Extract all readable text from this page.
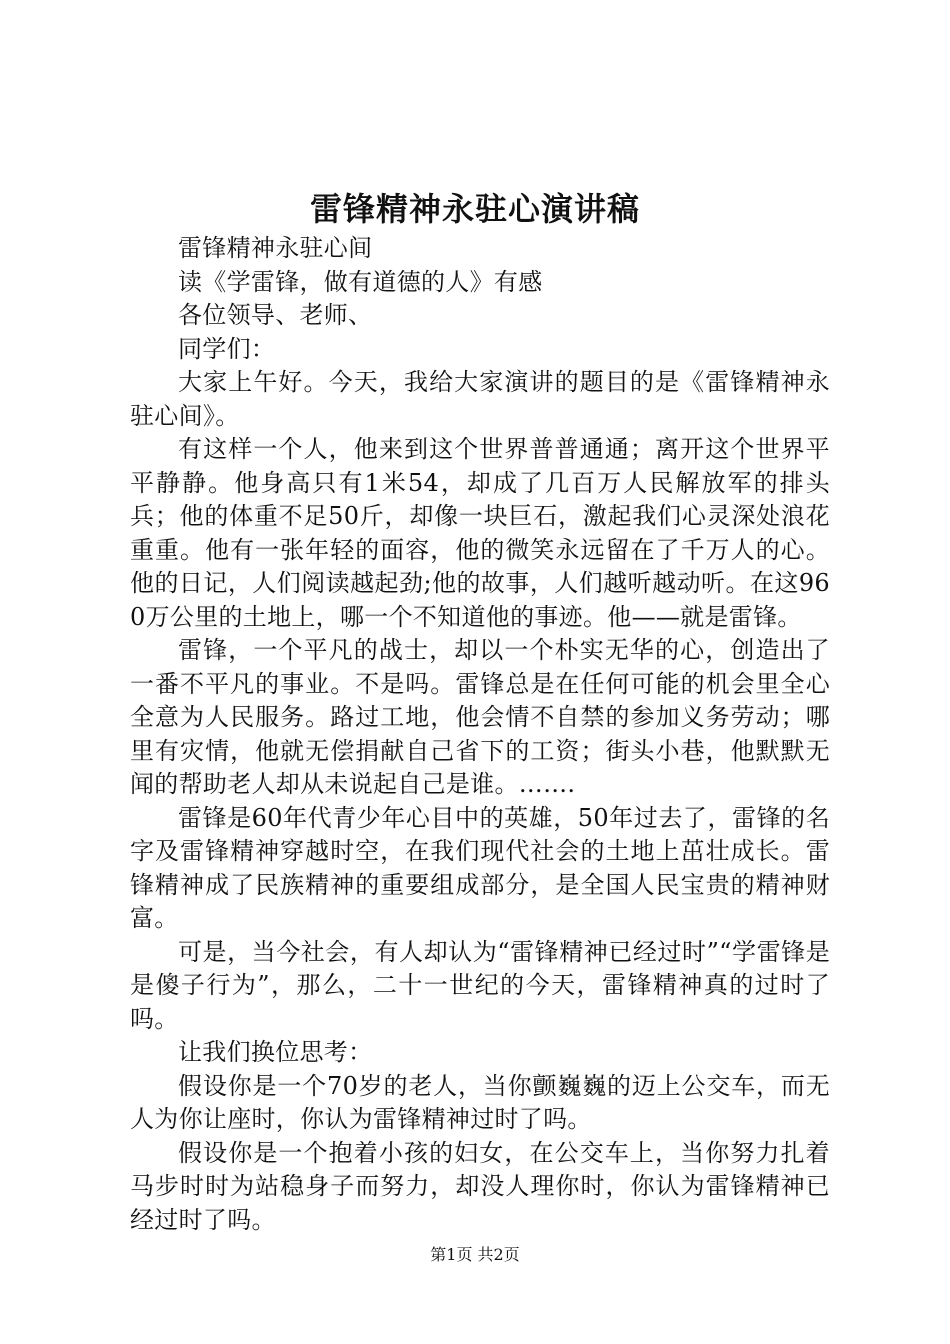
雷锋精神永驻心演讲稿

雷锋精神永驻心间

读《学雷锋，做有道德的人》有感

各位领导、老师、

同学们：

大家上午好。今天，我给大家演讲的题目的是《雷锋精神永驻心间》。

有这样一个人，他来到这个世界普普通通；离开这个世界平平静静。他身高只有1米54，却成了几百万人民解放军的排头兵；他的体重不足50斤，却像一块巨石，激起我们心灵深处浪花重重。他有一张年轻的面容，他的微笑永远留在了千万人的心。他的日记，人们阅读越起劲;他的故事，人们越听越动听。在这960万公里的土地上，哪一个不知道他的事迹。他——就是雷锋。

雷锋，一个平凡的战士，却以一个朴实无华的心，创造出了一番不平凡的事业。不是吗。雷锋总是在任何可能的机会里全心全意为人民服务。路过工地，他会情不自禁的参加义务劳动；哪里有灾情，他就无偿捐献自己省下的工资；街头小巷，他默默无闻的帮助老人却从未说起自己是谁。…….

雷锋是60年代青少年心目中的英雄，50年过去了，雷锋的名字及雷锋精神穿越时空，在我们现代社会的土地上茁壮成长。雷锋精神成了民族精神的重要组成部分，是全国人民宝贵的精神财富。

可是，当今社会，有人却认为“雷锋精神已经过时”“学雷锋是是傻子行为”，那么，二十一世纪的今天，雷锋精神真的过时了吗。

让我们换位思考：

假设你是一个70岁的老人，当你颤巍巍的迈上公交车，而无人为你让座时，你认为雷锋精神过时了吗。

假设你是一个抱着小孩的妇女，在公交车上，当你努力扎着马步时时为站稳身子而努力，却没人理你时，你认为雷锋精神已经过时了吗。

第1页 共2页
